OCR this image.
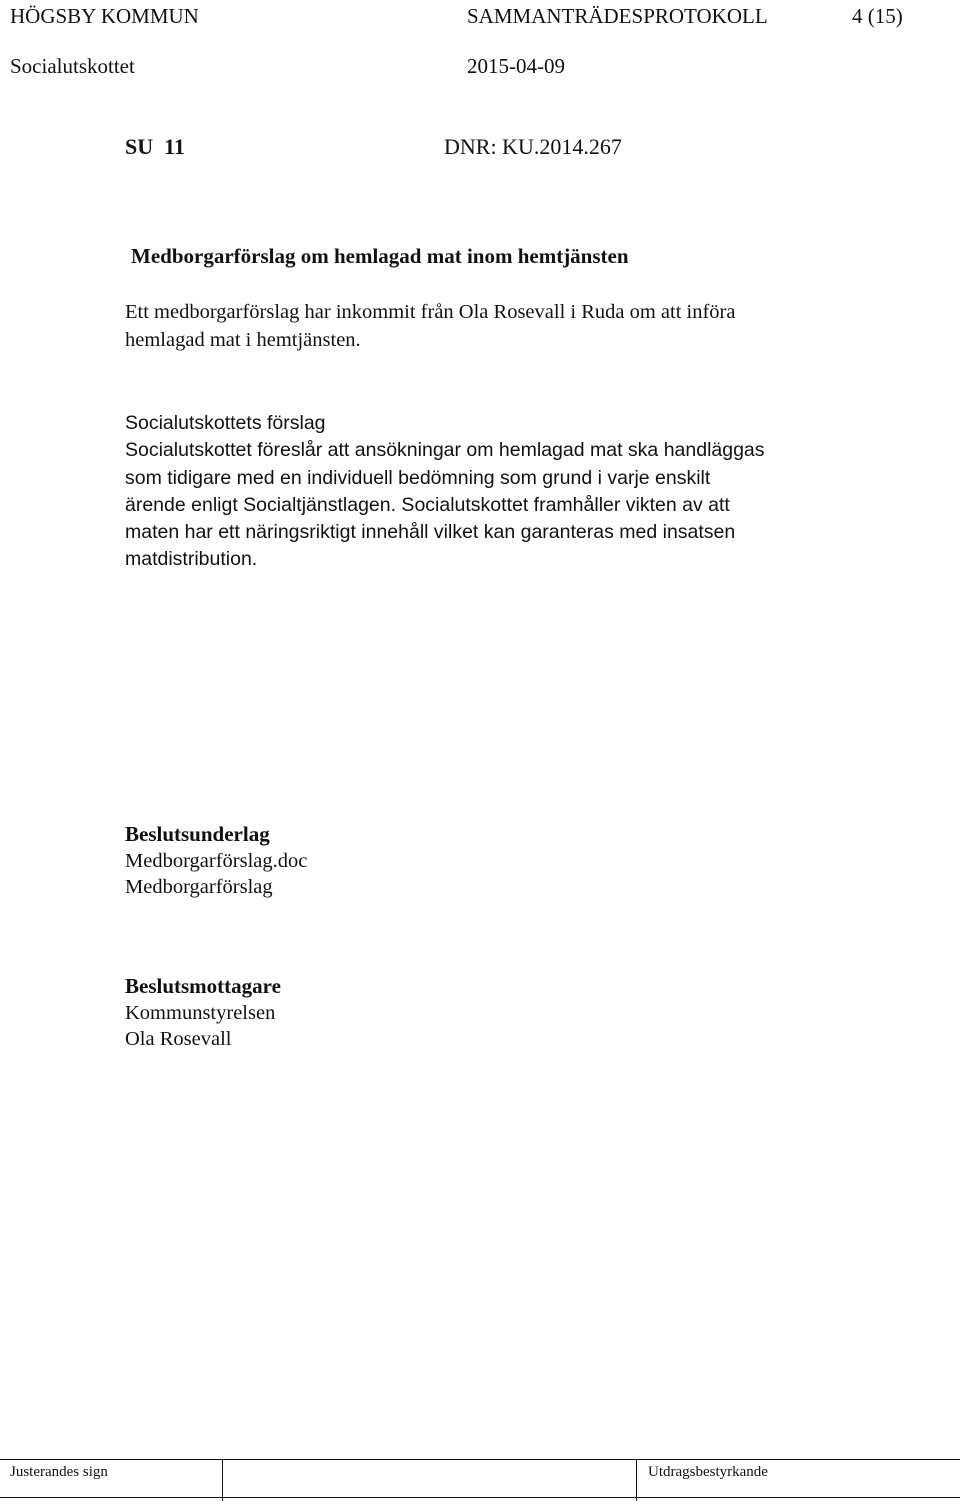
HÖGSBY KOMMUN	SAMMANTRÄDESPROTOKOLL	4 (15)
Socialutskottet	2015-04-09
SU  11	DNR: KU.2014.267
Medborgarförslag om hemlagad mat inom hemtjänsten
Ett medborgarförslag har inkommit från Ola Rosevall i Ruda om att införa
hemlagad mat i hemtjänsten.
Socialutskottets förslag
Socialutskottet föreslår att ansökningar om hemlagad mat ska handläggas
som tidigare med en individuell bedömning som grund i varje enskilt
ärende enligt Socialtjänstlagen. Socialutskottet framhåller vikten av att
maten har ett näringsriktigt innehåll vilket kan garanteras med insatsen
matdistribution.
Beslutsunderlag
Medborgarförslag.doc
Medborgarförslag
Beslutsmottagare
Kommunstyrelsen
Ola Rosevall
Justerandes sign	Utdragsbestyrkande
